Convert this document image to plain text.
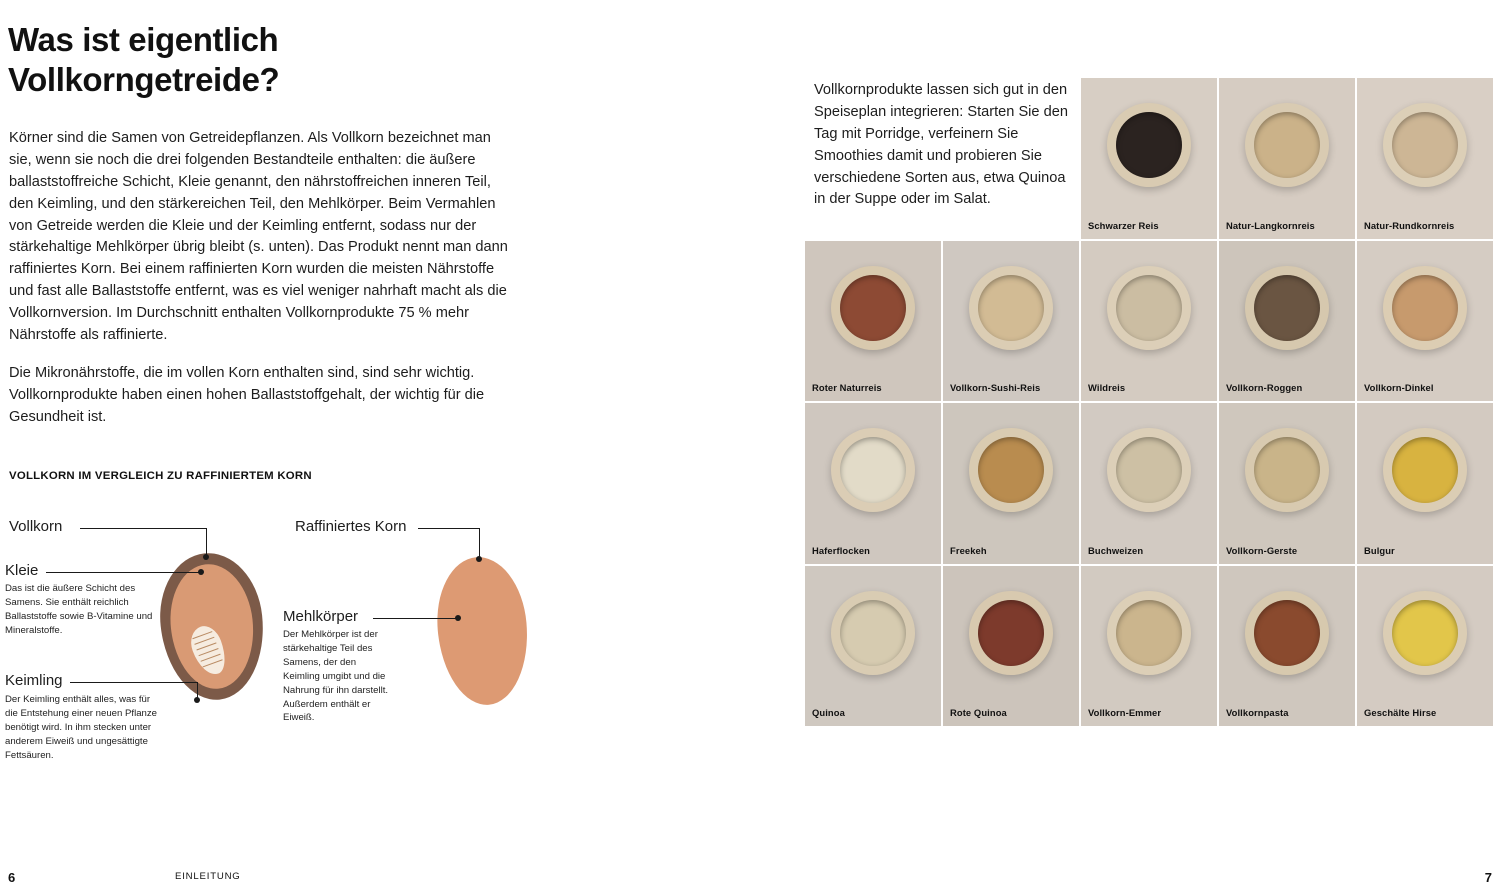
Was ist eigentlich Vollkorngetreide?

Körner sind die Samen von Getreidepflanzen. Als Vollkorn bezeichnet man sie, wenn sie noch die drei folgenden Bestandteile enthalten: die äußere ballaststoffreiche Schicht, Kleie genannt, den nährstoffreichen inneren Teil, den Keimling, und den stärkereichen Teil, den Mehlkörper. Beim Vermahlen von Getreide werden die Kleie und der Keimling entfernt, sodass nur der stärkehaltige Mehlkörper übrig bleibt (s. unten). Das Produkt nennt man dann raffiniertes Korn. Bei einem raffinierten Korn wurden die meisten Nährstoffe und fast alle Ballaststoffe entfernt, was es viel weniger nahrhaft macht als die Vollkornversion. Im Durchschnitt enthalten Vollkornprodukte 75 % mehr Nährstoffe als raffinierte.

Die Mikronährstoffe, die im vollen Korn enthalten sind, sind sehr wichtig. Vollkornprodukte haben einen hohen Ballaststoffgehalt, der wichtig für die Gesundheit ist.

VOLLKORN IM VERGLEICH ZU RAFFINIERTEM KORN
Vollkorn	Raffiniertes Korn
Kleie
Das ist die äußere Schicht des Samens. Sie enthält reichlich Ballaststoffe sowie B-Vitamine und Mineralstoffe.
Keimling
Der Keimling enthält alles, was für die Entstehung einer neuen Pflanze benötigt wird. In ihm stecken unter anderem Eiweiß und ungesättigte Fettsäuren.
Mehlkörper
Der Mehlkörper ist der stärkehaltige Teil des Samens, der den Keimling umgibt und die Nahrung für ihn darstellt. Außerdem enthält er Eiweiß.
6	EINLEITUNG
Schwarzer Reis	Natur-Langkornreis	Natur-Rundkornreis
Roter Naturreis	Vollkorn-Sushi-Reis	Wildreis	Vollkorn-Roggen	Vollkorn-Dinkel
Haferflocken	Freekeh	Buchweizen	Vollkorn-Gerste	Bulgur
Quinoa	Rote Quinoa	Vollkorn-Emmer	Vollkornpasta	Geschälte Hirse
Vollkornprodukte lassen sich gut in den Speiseplan integrieren: Starten Sie den Tag mit Porridge, verfeinern Sie Smoothies damit und probieren Sie verschiedene Sorten aus, etwa Quinoa in der Suppe oder im Salat.
7
